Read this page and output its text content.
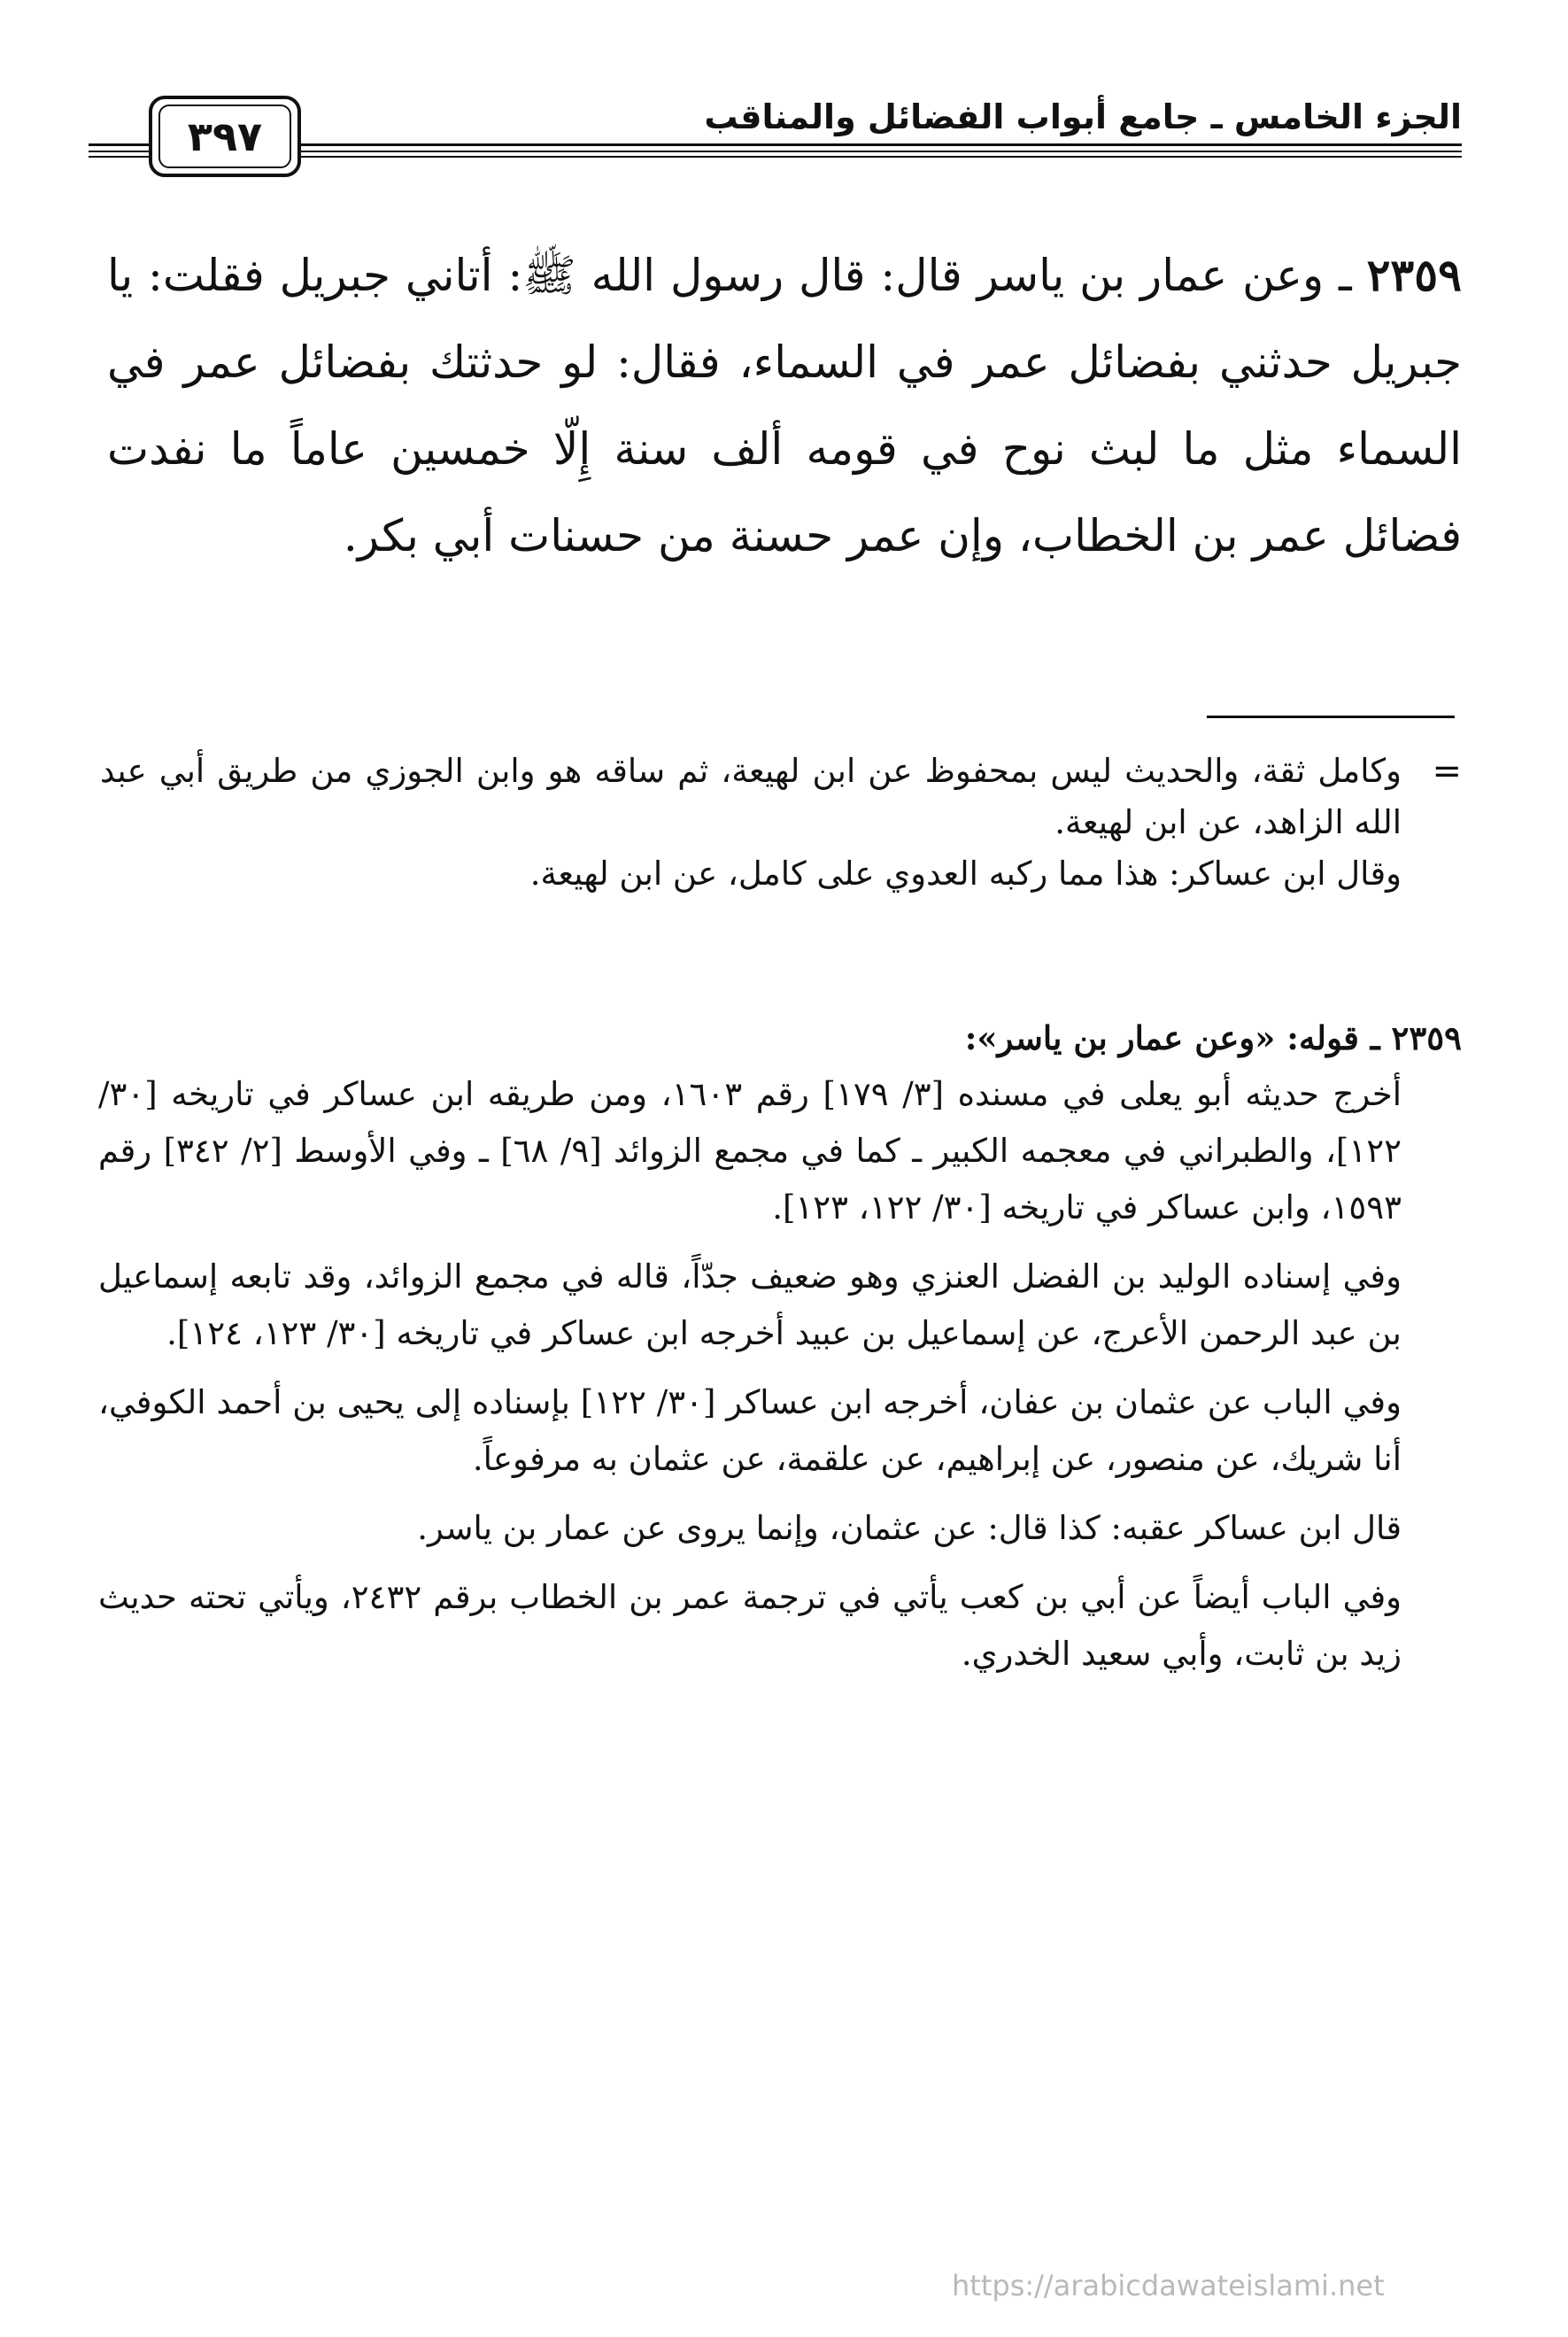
الجزء الخامس ـ جامع أبواب الفضائل والمناقب
٣٩٧
٢٣٥٩ ـ وعن عمار بن ياسر قال: قال رسول الله ﷺ: أتاني جبريل فقلت: يا جبريل حدثني بفضائل عمر في السماء، فقال: لو حدثتك بفضائل عمر في السماء مثل ما لبث نوح في قومه ألف سنة إِلّا خمسين عاماً ما نفدت فضائل عمر بن الخطاب، وإن عمر حسنة من حسنات أبي بكر.
=

وكامل ثقة، والحديث ليس بمحفوظ عن ابن لهيعة، ثم ساقه هو وابن الجوزي من طريق أبي عبد الله الزاهد، عن ابن لهيعة.

وقال ابن عساكر: هذا مما ركبه العدوي على كامل، عن ابن لهيعة.

٢٣٥٩ ـ قوله: «وعن عمار بن ياسر»:

أخرج حديثه أبو يعلى في مسنده [٣/ ١٧٩] رقم ١٦٠٣، ومن طريقه ابن عساكر في تاريخه [٣٠/ ١٢٢]، والطبراني في معجمه الكبير ـ كما في مجمع الزوائد [٩/ ٦٨] ـ وفي الأوسط [٢/ ٣٤٢] رقم ١٥٩٣، وابن عساكر في تاريخه [٣٠/ ١٢٢، ١٢٣].

وفي إسناده الوليد بن الفضل العنزي وهو ضعيف جدّاً، قاله في مجمع الزوائد، وقد تابعه إسماعيل بن عبد الرحمن الأعرج، عن إسماعيل بن عبيد أخرجه ابن عساكر في تاريخه [٣٠/ ١٢٣، ١٢٤].

وفي الباب عن عثمان بن عفان، أخرجه ابن عساكر [٣٠/ ١٢٢] بإسناده إلى يحيى بن أحمد الكوفي، أنا شريك، عن منصور، عن إبراهيم، عن علقمة، عن عثمان به مرفوعاً.

قال ابن عساكر عقبه: كذا قال: عن عثمان، وإنما يروى عن عمار بن ياسر.

وفي الباب أيضاً عن أبي بن كعب يأتي في ترجمة عمر بن الخطاب برقم ٢٤٣٢، ويأتي تحته حديث زيد بن ثابت، وأبي سعيد الخدري.

https://arabicdawateislami.net
